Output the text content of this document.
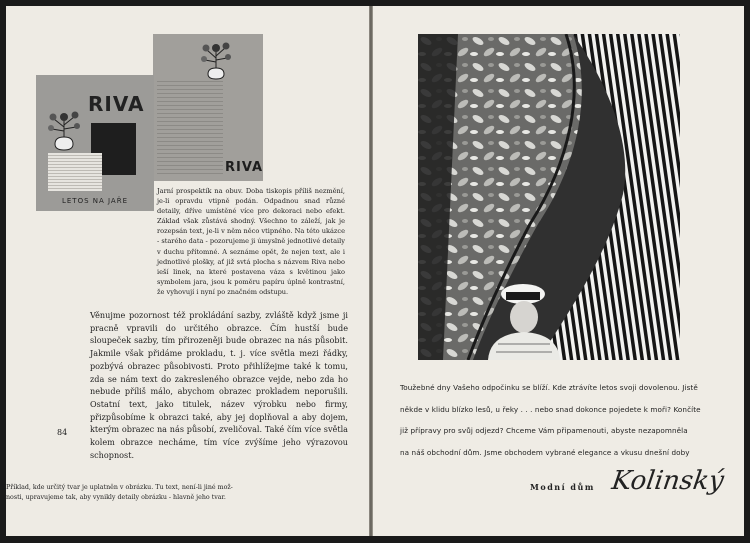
RIVA
RIVA
LETOS NA JAŘE
Jarní prospektík na obuv. Doba tiskopis příliš nezmění, je-li opravdu vtipně podán. Odpadnou snad různé detaily, dříve umístěné více pro dekoraci nebo efekt. Základ však zůstává shodný. Všechno to záleží, jak je rozepsán text, je-li v něm něco vtipného. Na této ukázce - starého data - pozorujeme ji úmyslně jednotlivé detaily v duchu přítomné. A seznáme opět, že nejen text, ale i jednotlivé plošky, ať již svtá plocha s názvem Riva nebo ieší linek, na které postavena váza s květinou jako symbolem jara, jsou k poměru papíru úplně kontrastní, že vyhovují i nyní po značném odstupu.
Věnujme pozornost též prokládání sazby, zvláště když jsme ji pracně vpravili do určitého obrazce. Čím hustší bude sloupeček sazby, tím přirozeněji bude obrazec na nás působit. Jakmile však přidáme prokladu, t. j. více světla mezi řádky, pozbývá obrazec působivosti. Proto přihlížejme také k tomu, zda se nám text do zakresleného obrazce vejde, nebo zda ho nebude příliš málo, abychom obrazec prokladem neporušili. Ostatní text, jako titulek, název výrobku nebo firmy, přizpůsobíme k obrazci také, aby jej doplňoval a aby dojem, kterým obrazec na nás působí, zveličoval. Také čím více světla kolem obrazce necháme, tím více zvýšíme jeho výrazovou schopnost.
84
Příklad, kde určitý tvar je uplatněn v obrázku. Tu text, není-li jiné mož-
nosti, upravujeme tak, aby vynikly detaily obrázku - hlavně jeho tvar.
Toužebné dny Vašeho odpočinku se blíží. Kde ztrávíte letos svoji dovolenou. Jistě
někde v klidu blízko lesů, u řeky . . . nebo snad dokonce pojedete k moři? Končíte
již přípravy pro svůj odjezd? Chceme Vám připamenouti, abyste nezapomněla
na náš obchodní dům. Jsme obchodem vybrané elegance a vkusu dnešní doby
Modní dům Kolinský
